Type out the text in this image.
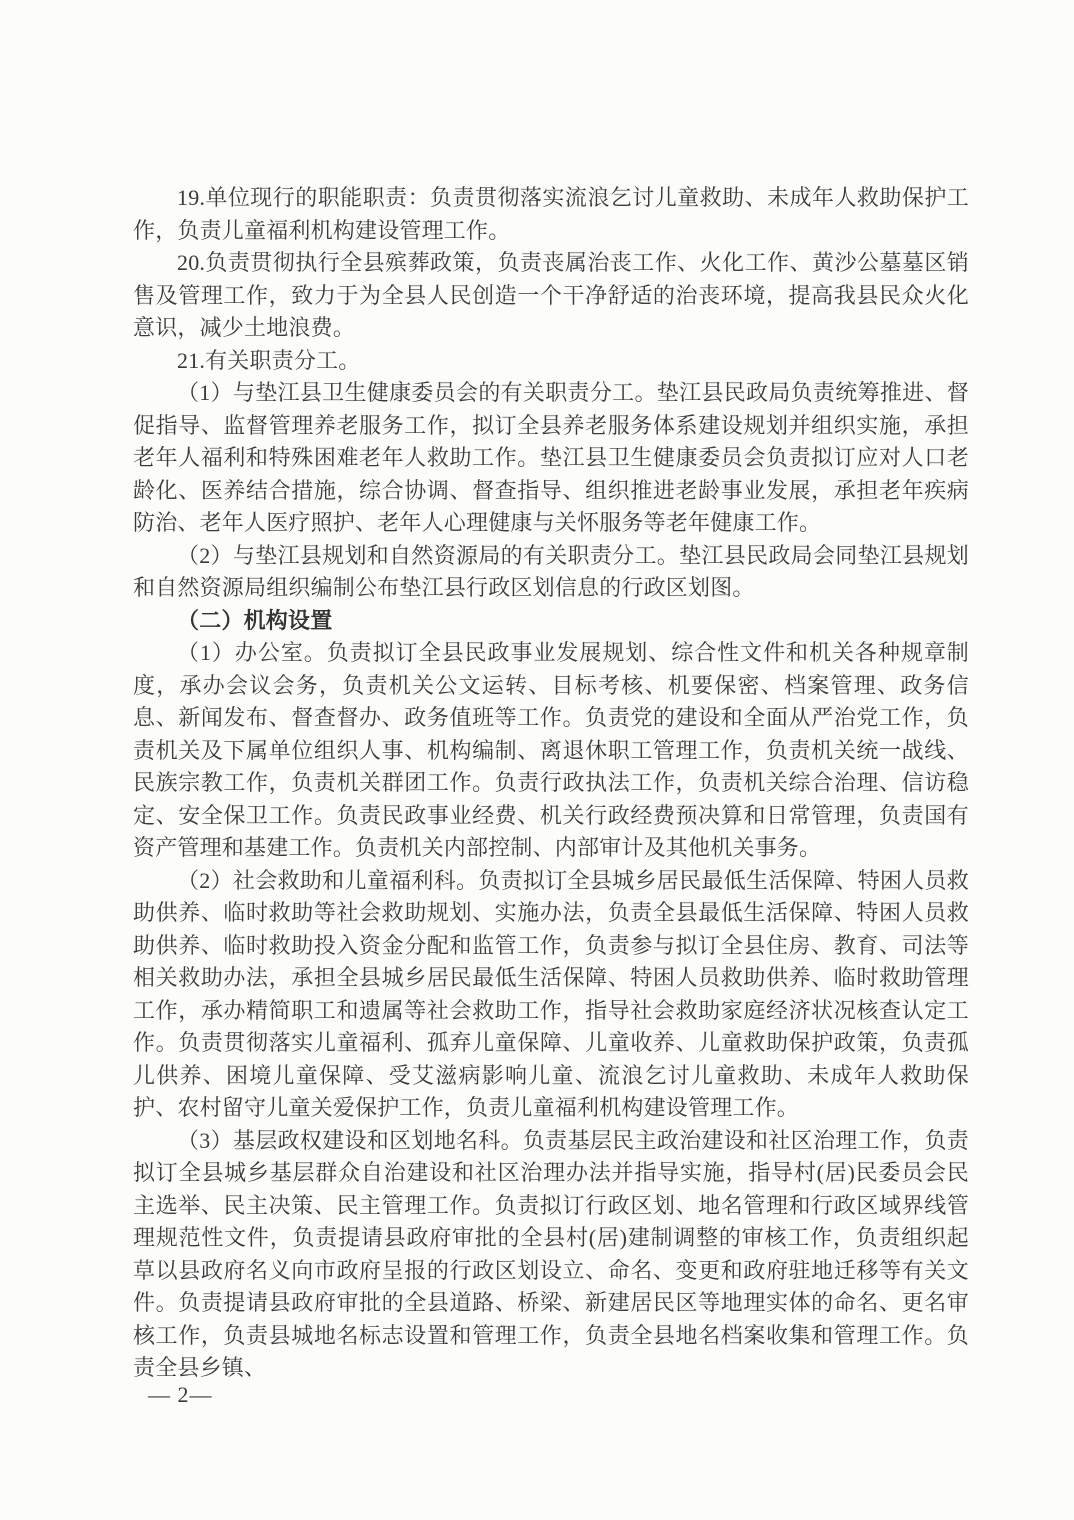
19.单位现行的职能职责：负责贯彻落实流浪乞讨儿童救助、未成年人救助保护工作，负责儿童福利机构建设管理工作。

20.负责贯彻执行全县殡葬政策，负责丧属治丧工作、火化工作、黄沙公墓墓区销售及管理工作，致力于为全县人民创造一个干净舒适的治丧环境，提高我县民众火化意识，减少土地浪费。

21.有关职责分工。

（1）与垫江县卫生健康委员会的有关职责分工。垫江县民政局负责统筹推进、督促指导、监督管理养老服务工作，拟订全县养老服务体系建设规划并组织实施，承担老年人福利和特殊困难老年人救助工作。垫江县卫生健康委员会负责拟订应对人口老龄化、医养结合措施，综合协调、督查指导、组织推进老龄事业发展，承担老年疾病防治、老年人医疗照护、老年人心理健康与关怀服务等老年健康工作。

（2）与垫江县规划和自然资源局的有关职责分工。垫江县民政局会同垫江县规划和自然资源局组织编制公布垫江县行政区划信息的行政区划图。

（二）机构设置

（1）办公室。负责拟订全县民政事业发展规划、综合性文件和机关各种规章制度，承办会议会务，负责机关公文运转、目标考核、机要保密、档案管理、政务信息、新闻发布、督查督办、政务值班等工作。负责党的建设和全面从严治党工作，负责机关及下属单位组织人事、机构编制、离退休职工管理工作，负责机关统一战线、民族宗教工作，负责机关群团工作。负责行政执法工作，负责机关综合治理、信访稳定、安全保卫工作。负责民政事业经费、机关行政经费预决算和日常管理，负责国有资产管理和基建工作。负责机关内部控制、内部审计及其他机关事务。

（2）社会救助和儿童福利科。负责拟订全县城乡居民最低生活保障、特困人员救助供养、临时救助等社会救助规划、实施办法，负责全县最低生活保障、特困人员救助供养、临时救助投入资金分配和监管工作，负责参与拟订全县住房、教育、司法等相关救助办法，承担全县城乡居民最低生活保障、特困人员救助供养、临时救助管理工作，承办精简职工和遗属等社会救助工作，指导社会救助家庭经济状况核查认定工作。负责贯彻落实儿童福利、孤弃儿童保障、儿童收养、儿童救助保护政策，负责孤儿供养、困境儿童保障、受艾滋病影响儿童、流浪乞讨儿童救助、未成年人救助保护、农村留守儿童关爱保护工作，负责儿童福利机构建设管理工作。

（3）基层政权建设和区划地名科。负责基层民主政治建设和社区治理工作，负责拟订全县城乡基层群众自治建设和社区治理办法并指导实施，指导村(居)民委员会民主选举、民主决策、民主管理工作。负责拟订行政区划、地名管理和行政区域界线管理规范性文件，负责提请县政府审批的全县村(居)建制调整的审核工作，负责组织起草以县政府名义向市政府呈报的行政区划设立、命名、变更和政府驻地迁移等有关文件。负责提请县政府审批的全县道路、桥梁、新建居民区等地理实体的命名、更名审核工作，负责县城地名标志设置和管理工作，负责全县地名档案收集和管理工作。负责全县乡镇、

— 2—
